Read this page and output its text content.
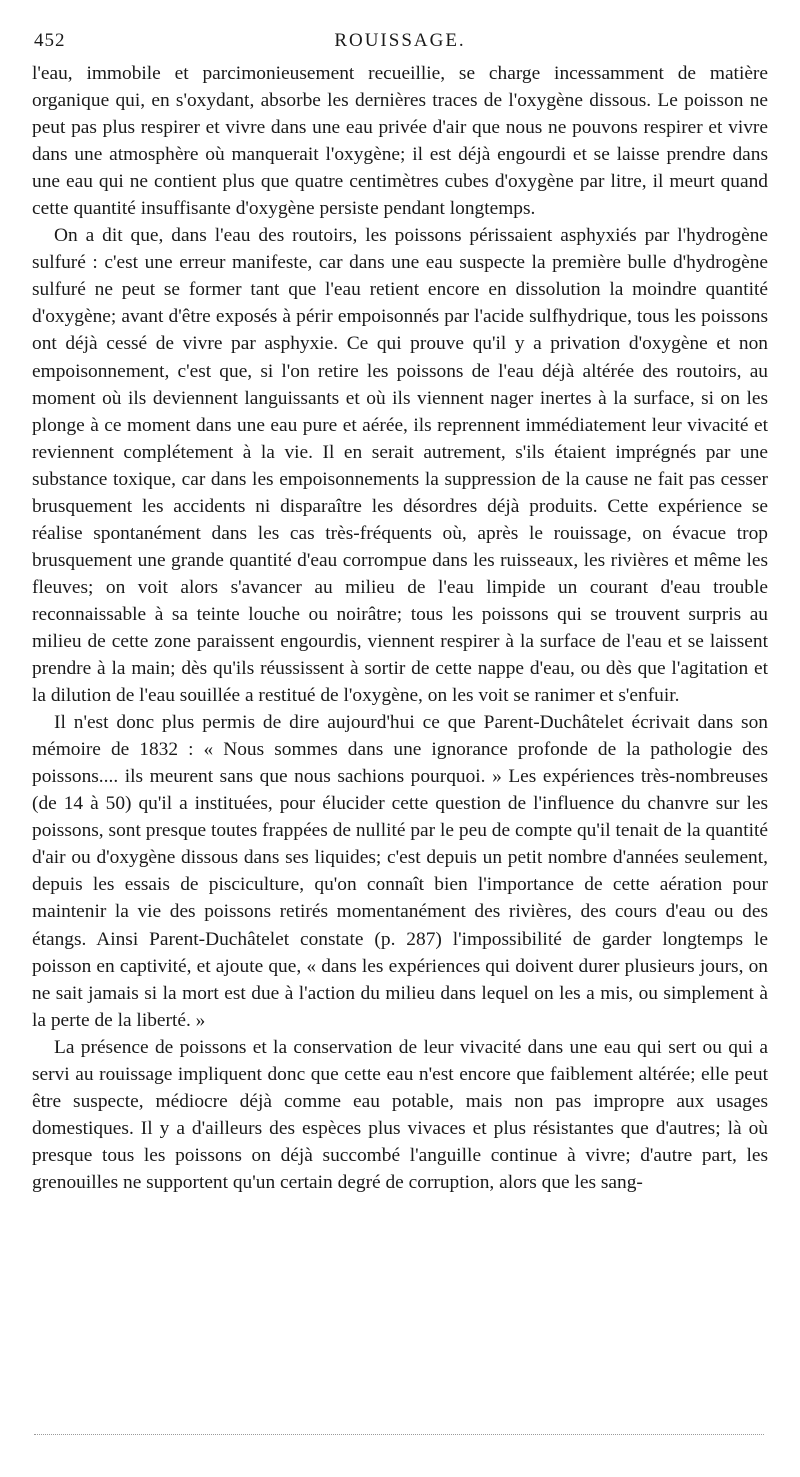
452	ROUISSAGE.

l'eau, immobile et parcimonieusement recueillie, se charge incessamment de matière organique qui, en s'oxydant, absorbe les dernières traces de l'oxygène dissous. Le poisson ne peut pas plus respirer et vivre dans une eau privée d'air que nous ne pouvons respirer et vivre dans une atmosphère où manquerait l'oxygène; il est déjà engourdi et se laisse prendre dans une eau qui ne contient plus que quatre centimètres cubes d'oxygène par litre, il meurt quand cette quantité insuffisante d'oxygène persiste pendant longtemps.

On a dit que, dans l'eau des routoirs, les poissons périssaient asphyxiés par l'hydrogène sulfuré : c'est une erreur manifeste, car dans une eau suspecte la première bulle d'hydrogène sulfuré ne peut se former tant que l'eau retient encore en dissolution la moindre quantité d'oxygène; avant d'être exposés à périr empoisonnés par l'acide sulfhydrique, tous les poissons ont déjà cessé de vivre par asphyxie. Ce qui prouve qu'il y a privation d'oxygène et non empoisonnement, c'est que, si l'on retire les poissons de l'eau déjà altérée des routoirs, au moment où ils deviennent languissants et où ils viennent nager inertes à la surface, si on les plonge à ce moment dans une eau pure et aérée, ils reprennent immédiatement leur vivacité et reviennent complétement à la vie. Il en serait autrement, s'ils étaient imprégnés par une substance toxique, car dans les empoisonnements la suppression de la cause ne fait pas cesser brusquement les accidents ni disparaître les désordres déjà produits. Cette expérience se réalise spontanément dans les cas très-fréquents où, après le rouissage, on évacue trop brusquement une grande quantité d'eau corrompue dans les ruisseaux, les rivières et même les fleuves; on voit alors s'avancer au milieu de l'eau limpide un courant d'eau trouble reconnaissable à sa teinte louche ou noirâtre; tous les poissons qui se trouvent surpris au milieu de cette zone paraissent engourdis, viennent respirer à la surface de l'eau et se laissent prendre à la main; dès qu'ils réussissent à sortir de cette nappe d'eau, ou dès que l'agitation et la dilution de l'eau souillée a restitué de l'oxygène, on les voit se ranimer et s'enfuir.

Il n'est donc plus permis de dire aujourd'hui ce que Parent-Duchâtelet écrivait dans son mémoire de 1832 : « Nous sommes dans une ignorance profonde de la pathologie des poissons.... ils meurent sans que nous sachions pourquoi. » Les expériences très-nombreuses (de 14 à 50) qu'il a instituées, pour élucider cette question de l'influence du chanvre sur les poissons, sont presque toutes frappées de nullité par le peu de compte qu'il tenait de la quantité d'air ou d'oxygène dissous dans ses liquides; c'est depuis un petit nombre d'années seulement, depuis les essais de pisciculture, qu'on connaît bien l'importance de cette aération pour maintenir la vie des poissons retirés momentanément des rivières, des cours d'eau ou des étangs. Ainsi Parent-Duchâtelet constate (p. 287) l'impossibilité de garder longtemps le poisson en captivité, et ajoute que, « dans les expériences qui doivent durer plusieurs jours, on ne sait jamais si la mort est due à l'action du milieu dans lequel on les a mis, ou simplement à la perte de la liberté. »

La présence de poissons et la conservation de leur vivacité dans une eau qui sert ou qui a servi au rouissage impliquent donc que cette eau n'est encore que faiblement altérée; elle peut être suspecte, médiocre déjà comme eau potable, mais non pas impropre aux usages domestiques. Il y a d'ailleurs des espèces plus vivaces et plus résistantes que d'autres; là où presque tous les poissons on déjà succombé l'anguille continue à vivre; d'autre part, les grenouilles ne supportent qu'un certain degré de corruption, alors que les sang-
